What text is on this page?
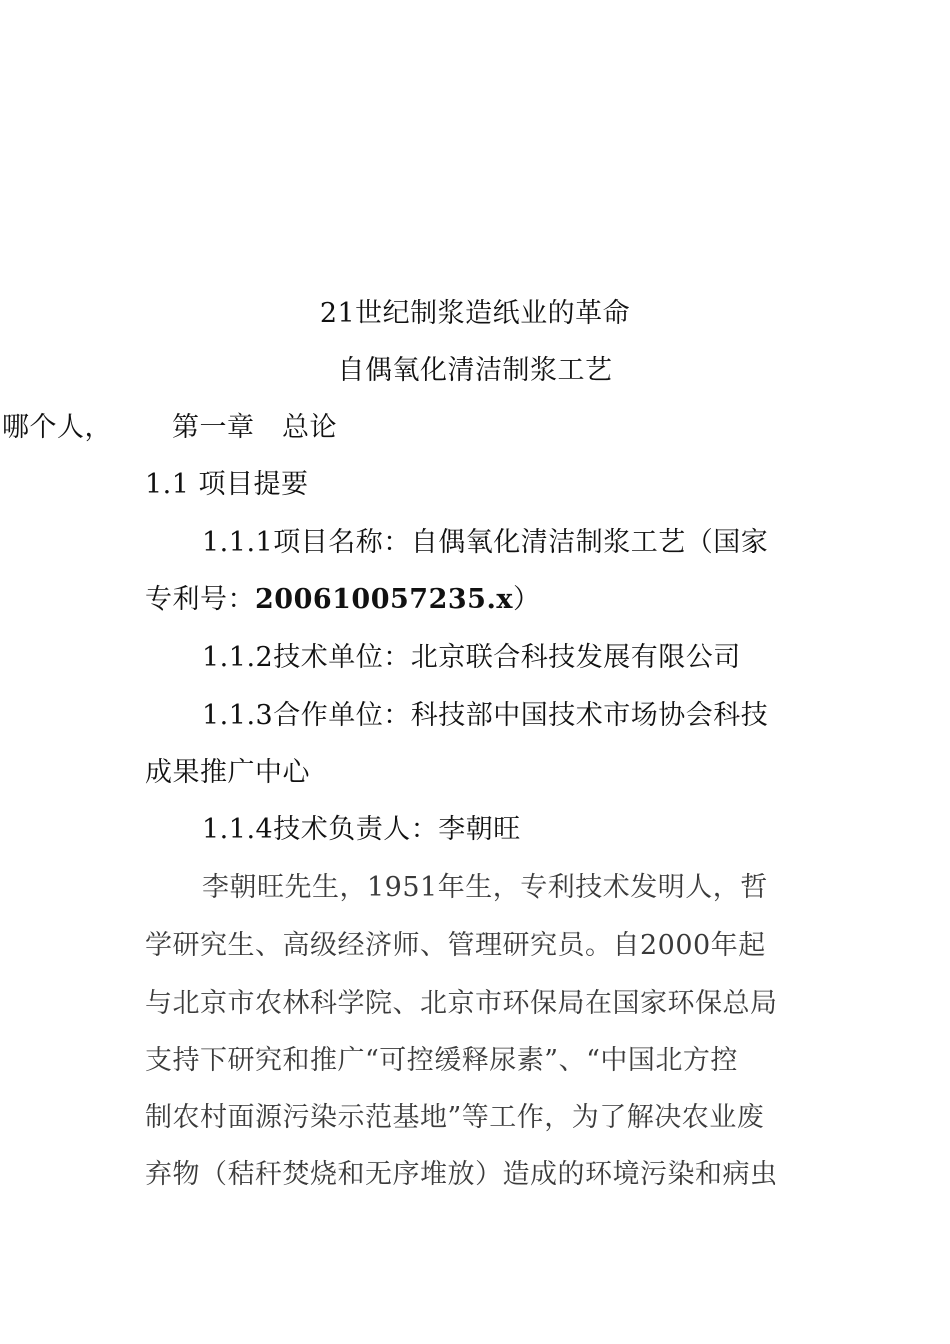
21世纪制浆造纸业的革命
自偶氧化清洁制浆工艺
哪个人， 第一章　总论
1.1 项目提要
1.1.1项目名称：自偶氧化清洁制浆工艺（国家
专利号：200610057235.x）
1.1.2技术单位：北京联合科技发展有限公司
1.1.3合作单位：科技部中国技术市场协会科技
成果推广中心
1.1.4技术负责人：李朝旺
李朝旺先生，1951年生，专利技术发明人，哲
学研究生、高级经济师、管理研究员。自2000年起
与北京市农林科学院、北京市环保局在国家环保总局
支持下研究和推广“可控缓释尿素”、“中国北方控
制农村面源污染示范基地”等工作，为了解决农业废
弃物（秸秆焚烧和无序堆放）造成的环境污染和病虫
